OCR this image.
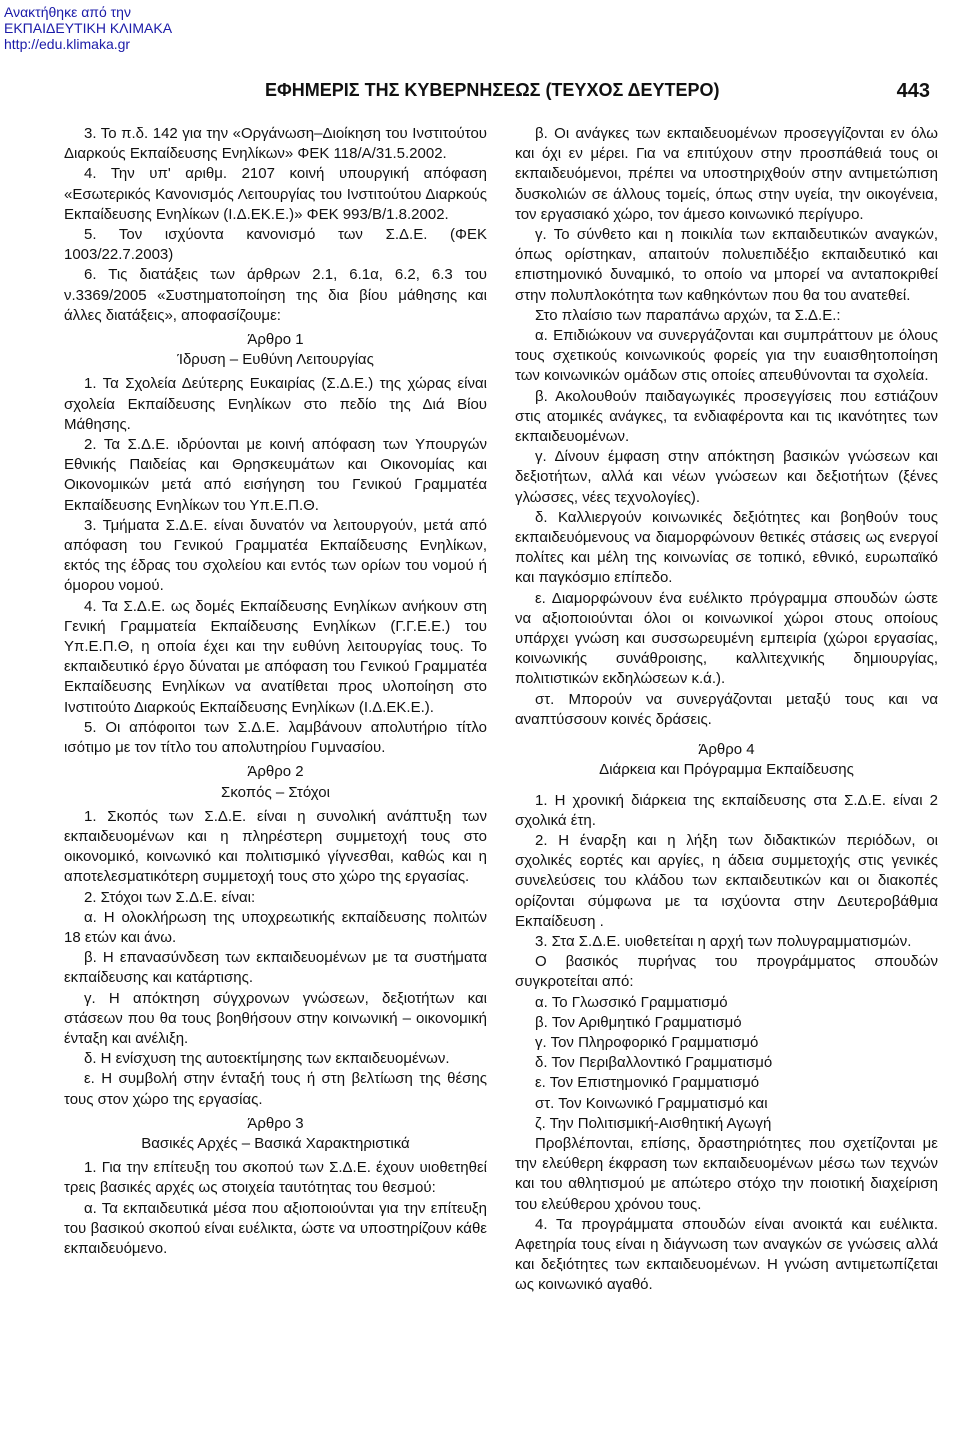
Ανακτήθηκε από την
ΕΚΠΑΙΔΕΥΤΙΚΗ ΚΛΙΜΑΚΑ
http://edu.klimaka.gr
ΕΦΗΜΕΡΙΣ ΤΗΣ ΚΥΒΕΡΝΗΣΕΩΣ (ΤΕΥΧΟΣ ΔΕΥΤΕΡΟ)	443

3. Το π.δ. 142 για την «Οργάνωση–Διοίκηση του Ινστιτούτου Διαρκούς Εκπαίδευσης Ενηλίκων» ΦΕΚ 118/Α/31.5.2002.

4. Την υπ' αριθμ. 2107 κοινή υπουργική απόφαση «Εσωτερικός Κανονισμός Λειτουργίας του Ινστιτούτου Διαρκούς Εκπαίδευσης Ενηλίκων (Ι.Δ.ΕΚ.Ε.)» ΦΕΚ 993/Β/1.8.2002.

5. Τον ισχύοντα κανονισμό των Σ.Δ.Ε. (ΦΕΚ 1003/22.7.2003)

6. Τις διατάξεις των άρθρων 2.1, 6.1α, 6.2, 6.3 του ν.3369/2005 «Συστηματοποίηση της δια βίου μάθησης και άλλες διατάξεις», αποφασίζουμε:

Άρθρο 1

Ίδρυση – Ευθύνη Λειτουργίας

1. Τα Σχολεία Δεύτερης Ευκαιρίας (Σ.Δ.Ε.) της χώρας είναι σχολεία Εκπαίδευσης Ενηλίκων στο πεδίο της Διά Βίου Μάθησης.

2. Τα Σ.Δ.Ε. ιδρύονται με κοινή απόφαση των Υπουργών Εθνικής Παιδείας και Θρησκευμάτων και Οικονομίας και Οικονομικών μετά από εισήγηση του Γενικού Γραμματέα Εκπαίδευσης Ενηλίκων του Υπ.Ε.Π.Θ.

3. Τμήματα Σ.Δ.Ε. είναι δυνατόν να λειτουργούν, μετά από απόφαση του Γενικού Γραμματέα Εκπαίδευσης Ενηλίκων, εκτός της έδρας του σχολείου και εντός των ορίων του νομού ή όμορου νομού.

4. Τα Σ.Δ.Ε. ως δομές Εκπαίδευσης Ενηλίκων ανήκουν στη Γενική Γραμματεία Εκπαίδευσης Ενηλίκων (Γ.Γ.Ε.Ε.) του Υπ.Ε.Π.Θ, η οποία έχει και την ευθύνη λειτουργίας τους. Το εκπαιδευτικό έργο δύναται με απόφαση του Γενικού Γραμματέα Εκπαίδευσης Ενηλίκων να ανατίθεται προς υλοποίηση στο Ινστιτούτο Διαρκούς Εκπαίδευσης Ενηλίκων (Ι.Δ.ΕΚ.Ε.).

5. Οι απόφοιτοι των Σ.Δ.Ε. λαμβάνουν απολυτήριο τίτλο ισότιμο με τον τίτλο του απολυτηρίου Γυμνασίου.

Άρθρο 2

Σκοπός – Στόχοι

1. Σκοπός των Σ.Δ.Ε. είναι η συνολική ανάπτυξη των εκπαιδευομένων και η πληρέστερη συμμετοχή τους στο οικονομικό, κοινωνικό και πολιτισμικό γίγνεσθαι, καθώς και η αποτελεσματικότερη συμμετοχή τους στο χώρο της εργασίας.

2. Στόχοι των Σ.Δ.Ε. είναι:

α. Η ολοκλήρωση της υποχρεωτικής εκπαίδευσης πολιτών 18 ετών και άνω.

β. Η επανασύνδεση των εκπαιδευομένων με τα συστήματα εκπαίδευσης και κατάρτισης.

γ. Η απόκτηση σύγχρονων γνώσεων, δεξιοτήτων και στάσεων που θα τους βοηθήσουν στην κοινωνική – οικονομική ένταξη και ανέλιξη.

δ. Η ενίσχυση της αυτοεκτίμησης των εκπαιδευομένων.

ε. Η συμβολή στην ένταξή τους ή στη βελτίωση της θέσης τους στον χώρο της εργασίας.

Άρθρο 3

Βασικές Αρχές – Βασικά Χαρακτηριστικά

1. Για την επίτευξη του σκοπού των Σ.Δ.Ε. έχουν υιοθετηθεί τρεις βασικές αρχές ως στοιχεία ταυτότητας του θεσμού:

α. Τα εκπαιδευτικά μέσα που αξιοποιούνται για την επίτευξη του βασικού σκοπού είναι ευέλικτα, ώστε να υποστηρίζουν κάθε εκπαιδευόμενο.

β. Οι ανάγκες των εκπαιδευομένων προσεγγίζονται εν όλω και όχι εν μέρει. Για να επιτύχουν στην προσπάθειά τους οι εκπαιδευόμενοι, πρέπει να υποστηριχθούν στην αντιμετώπιση δυσκολιών σε άλλους τομείς, όπως στην υγεία, την οικογένεια, τον εργασιακό χώρο, τον άμεσο κοινωνικό περίγυρο.

γ. Το σύνθετο και η ποικιλία των εκπαιδευτικών αναγκών, όπως ορίστηκαν, απαιτούν πολυεπιδέξιο εκπαιδευτικό και επιστημονικό δυναμικό, το οποίο να μπορεί να ανταποκριθεί στην πολυπλοκότητα των καθηκόντων που θα του ανατεθεί.

Στο πλαίσιο των παραπάνω αρχών, τα Σ.Δ.Ε.:

α. Επιδιώκουν να συνεργάζονται και συμπράττουν με όλους τους σχετικούς κοινωνικούς φορείς για την ευαισθητοποίηση των κοινωνικών ομάδων στις οποίες απευθύνονται τα σχολεία.

β. Ακολουθούν παιδαγωγικές προσεγγίσεις που εστιάζουν στις ατομικές ανάγκες, τα ενδιαφέροντα και τις ικανότητες των εκπαιδευομένων.

γ. Δίνουν έμφαση στην απόκτηση βασικών γνώσεων και δεξιοτήτων, αλλά και νέων γνώσεων και δεξιοτήτων (ξένες γλώσσες, νέες τεχνολογίες).

δ. Καλλιεργούν κοινωνικές δεξιότητες και βοηθούν τους εκπαιδευόμενους να διαμορφώνουν θετικές στάσεις ως ενεργοί πολίτες και μέλη της κοινωνίας σε τοπικό, εθνικό, ευρωπαϊκό και παγκόσμιο επίπεδο.

ε. Διαμορφώνουν ένα ευέλικτο πρόγραμμα σπουδών ώστε να αξιοποιούνται όλοι οι κοινωνικοί χώροι στους οποίους υπάρχει γνώση και συσσωρευμένη εμπειρία (χώροι εργασίας, κοινωνικής συνάθροισης, καλλιτεχνικής δημιουργίας, πολιτιστικών εκδηλώσεων κ.ά.).

στ. Μπορούν να συνεργάζονται μεταξύ τους και να αναπτύσσουν κοινές δράσεις.

Άρθρο 4

Διάρκεια και Πρόγραμμα Εκπαίδευσης

1. Η χρονική διάρκεια της εκπαίδευσης στα Σ.Δ.Ε. είναι 2 σχολικά έτη.

2. Η έναρξη και η λήξη των διδακτικών περιόδων, οι σχολικές εορτές και αργίες, η άδεια συμμετοχής στις γενικές συνελεύσεις του κλάδου των εκπαιδευτικών και οι διακοπές ορίζονται σύμφωνα με τα ισχύοντα στην Δευτεροβάθμια Εκπαίδευση .

3. Στα Σ.Δ.Ε. υιοθετείται η αρχή των πολυγραμματισμών.

Ο βασικός πυρήνας του προγράμματος σπουδών συγκροτείται από:

α. Το Γλωσσικό Γραμματισμό

β. Τον Αριθμητικό Γραμματισμό

γ. Τον Πληροφορικό Γραμματισμό

δ. Τον Περιβαλλοντικό Γραμματισμό

ε. Τον Επιστημονικό Γραμματισμό

στ. Τον Κοινωνικό Γραμματισμό και

ζ. Την Πολιτισμική-Αισθητική Αγωγή

Προβλέπονται, επίσης, δραστηριότητες που σχετίζονται με την ελεύθερη έκφραση των εκπαιδευομένων μέσω των τεχνών και του αθλητισμού με απώτερο στόχο την ποιοτική διαχείριση του ελεύθερου χρόνου τους.

4. Τα προγράμματα σπουδών είναι ανοικτά και ευέλικτα. Αφετηρία τους είναι η διάγνωση των αναγκών σε γνώσεις αλλά και δεξιότητες των εκπαιδευομένων. Η γνώση αντιμετωπίζεται ως κοινωνικό αγαθό.
